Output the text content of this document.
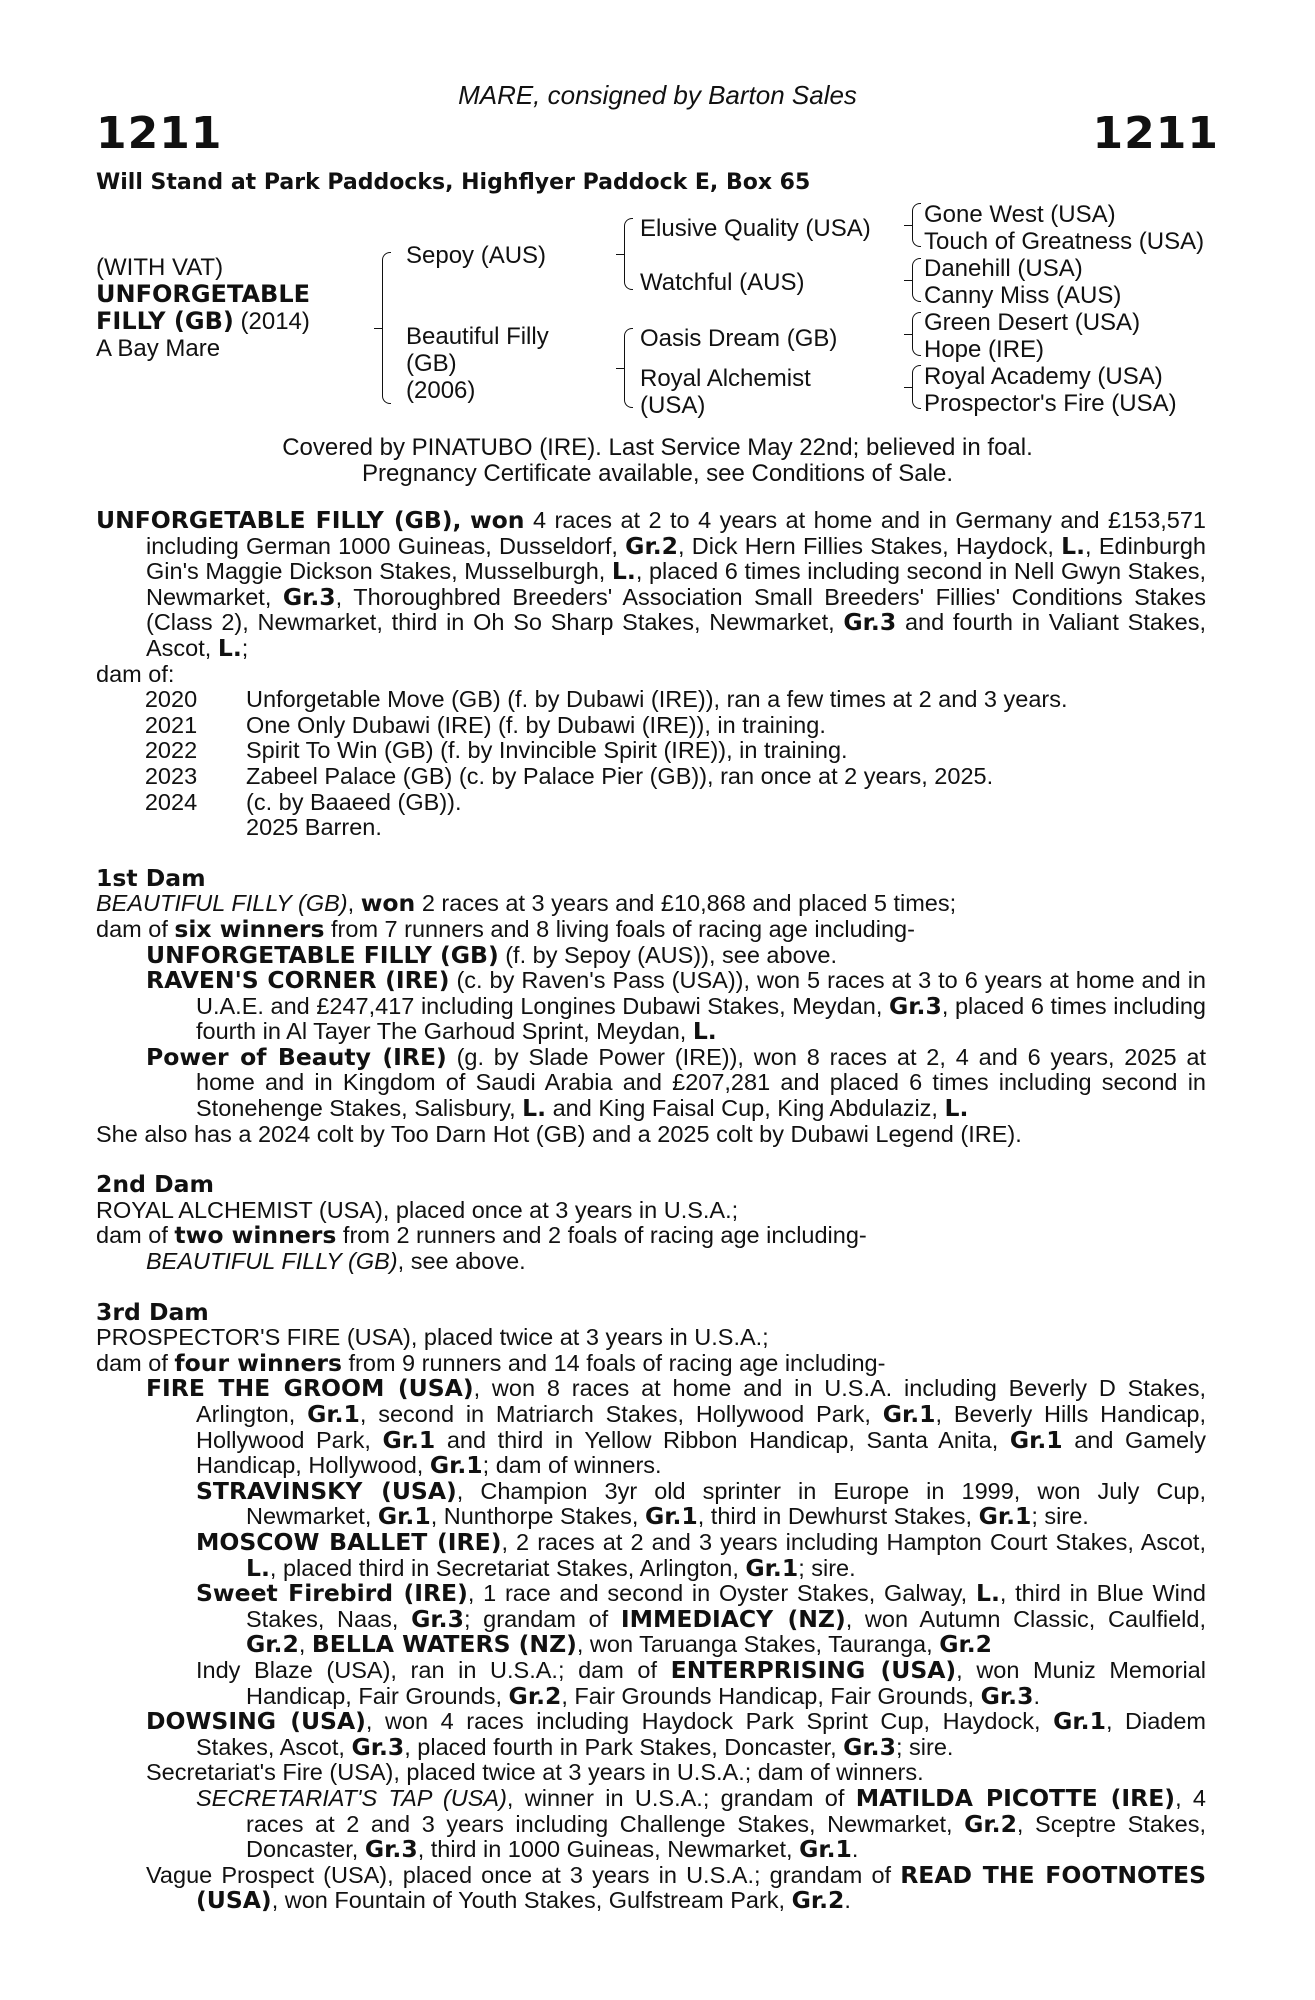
1211	1211
MARE, consigned by Barton Sales
Will Stand at Park Paddocks, Highflyer Paddock E, Box 65
(WITH VAT)
UNFORGETABLE
FILLY (GB) (2014)
A Bay Mare
Sepoy (AUS)
Beautiful Filly
(GB)
(2006)
Elusive Quality (USA)
Watchful (AUS)
Oasis Dream (GB)
Royal Alchemist
(USA)
Gone West (USA)
Touch of Greatness (USA)
Danehill (USA)
Canny Miss (AUS)
Green Desert (USA)
Hope (IRE)
Royal Academy (USA)
Prospector's Fire (USA)
Covered by PINATUBO (IRE). Last Service May 22nd; believed in foal.
Pregnancy Certificate available, see Conditions of Sale.

UNFORGETABLE FILLY (GB), won 4 races at 2 to 4 years at home and in Germany and £153,571 including German 1000 Guineas, Dusseldorf, Gr.2, Dick Hern Fillies Stakes, Haydock, L., Edinburgh Gin's Maggie Dickson Stakes, Musselburgh, L., placed 6 times including second in Nell Gwyn Stakes, Newmarket, Gr.3, Thoroughbred Breeders' Association Small Breeders' Fillies' Conditions Stakes (Class 2), Newmarket, third in Oh So Sharp Stakes, Newmarket, Gr.3 and fourth in Valiant Stakes, Ascot, L.;

dam of:

2020	Unforgetable Move (GB) (f. by Dubawi (IRE)), ran a few times at 2 and 3 years.
2021	One Only Dubawi (IRE) (f. by Dubawi (IRE)), in training.
2022	Spirit To Win (GB) (f. by Invincible Spirit (IRE)), in training.
2023	Zabeel Palace (GB) (c. by Palace Pier (GB)), ran once at 2 years, 2025.
2024	(c. by Baaeed (GB)).
2025 Barren.

1st Dam

BEAUTIFUL FILLY (GB), won 2 races at 3 years and £10,868 and placed 5 times;

dam of six winners from 7 runners and 8 living foals of racing age including-

UNFORGETABLE FILLY (GB) (f. by Sepoy (AUS)), see above.

RAVEN'S CORNER (IRE) (c. by Raven's Pass (USA)), won 5 races at 3 to 6 years at home and in U.A.E. and £247,417 including Longines Dubawi Stakes, Meydan, Gr.3, placed 6 times including fourth in Al Tayer The Garhoud Sprint, Meydan, L.

Power of Beauty (IRE) (g. by Slade Power (IRE)), won 8 races at 2, 4 and 6 years, 2025 at home and in Kingdom of Saudi Arabia and £207,281 and placed 6 times including second in Stonehenge Stakes, Salisbury, L. and King Faisal Cup, King Abdulaziz, L.

She also has a 2024 colt by Too Darn Hot (GB) and a 2025 colt by Dubawi Legend (IRE).

2nd Dam

ROYAL ALCHEMIST (USA), placed once at 3 years in U.S.A.;

dam of two winners from 2 runners and 2 foals of racing age including-

BEAUTIFUL FILLY (GB), see above.

3rd Dam

PROSPECTOR'S FIRE (USA), placed twice at 3 years in U.S.A.;

dam of four winners from 9 runners and 14 foals of racing age including-

FIRE THE GROOM (USA), won 8 races at home and in U.S.A. including Beverly D Stakes, Arlington, Gr.1, second in Matriarch Stakes, Hollywood Park, Gr.1, Beverly Hills Handicap, Hollywood Park, Gr.1 and third in Yellow Ribbon Handicap, Santa Anita, Gr.1 and Gamely Handicap, Hollywood, Gr.1; dam of winners.

STRAVINSKY (USA), Champion 3yr old sprinter in Europe in 1999, won July Cup, Newmarket, Gr.1, Nunthorpe Stakes, Gr.1, third in Dewhurst Stakes, Gr.1; sire.

MOSCOW BALLET (IRE), 2 races at 2 and 3 years including Hampton Court Stakes, Ascot, L., placed third in Secretariat Stakes, Arlington, Gr.1; sire.

Sweet Firebird (IRE), 1 race and second in Oyster Stakes, Galway, L., third in Blue Wind Stakes, Naas, Gr.3; grandam of IMMEDIACY (NZ), won Autumn Classic, Caulfield, Gr.2, BELLA WATERS (NZ), won Taruanga Stakes, Tauranga, Gr.2

Indy Blaze (USA), ran in U.S.A.; dam of ENTERPRISING (USA), won Muniz Memorial Handicap, Fair Grounds, Gr.2, Fair Grounds Handicap, Fair Grounds, Gr.3.

DOWSING (USA), won 4 races including Haydock Park Sprint Cup, Haydock, Gr.1, Diadem Stakes, Ascot, Gr.3, placed fourth in Park Stakes, Doncaster, Gr.3; sire.

Secretariat's Fire (USA), placed twice at 3 years in U.S.A.; dam of winners.

SECRETARIAT'S TAP (USA), winner in U.S.A.; grandam of MATILDA PICOTTE (IRE), 4 races at 2 and 3 years including Challenge Stakes, Newmarket, Gr.2, Sceptre Stakes, Doncaster, Gr.3, third in 1000 Guineas, Newmarket, Gr.1.

Vague Prospect (USA), placed once at 3 years in U.S.A.; grandam of READ THE FOOTNOTES (USA), won Fountain of Youth Stakes, Gulfstream Park, Gr.2.
